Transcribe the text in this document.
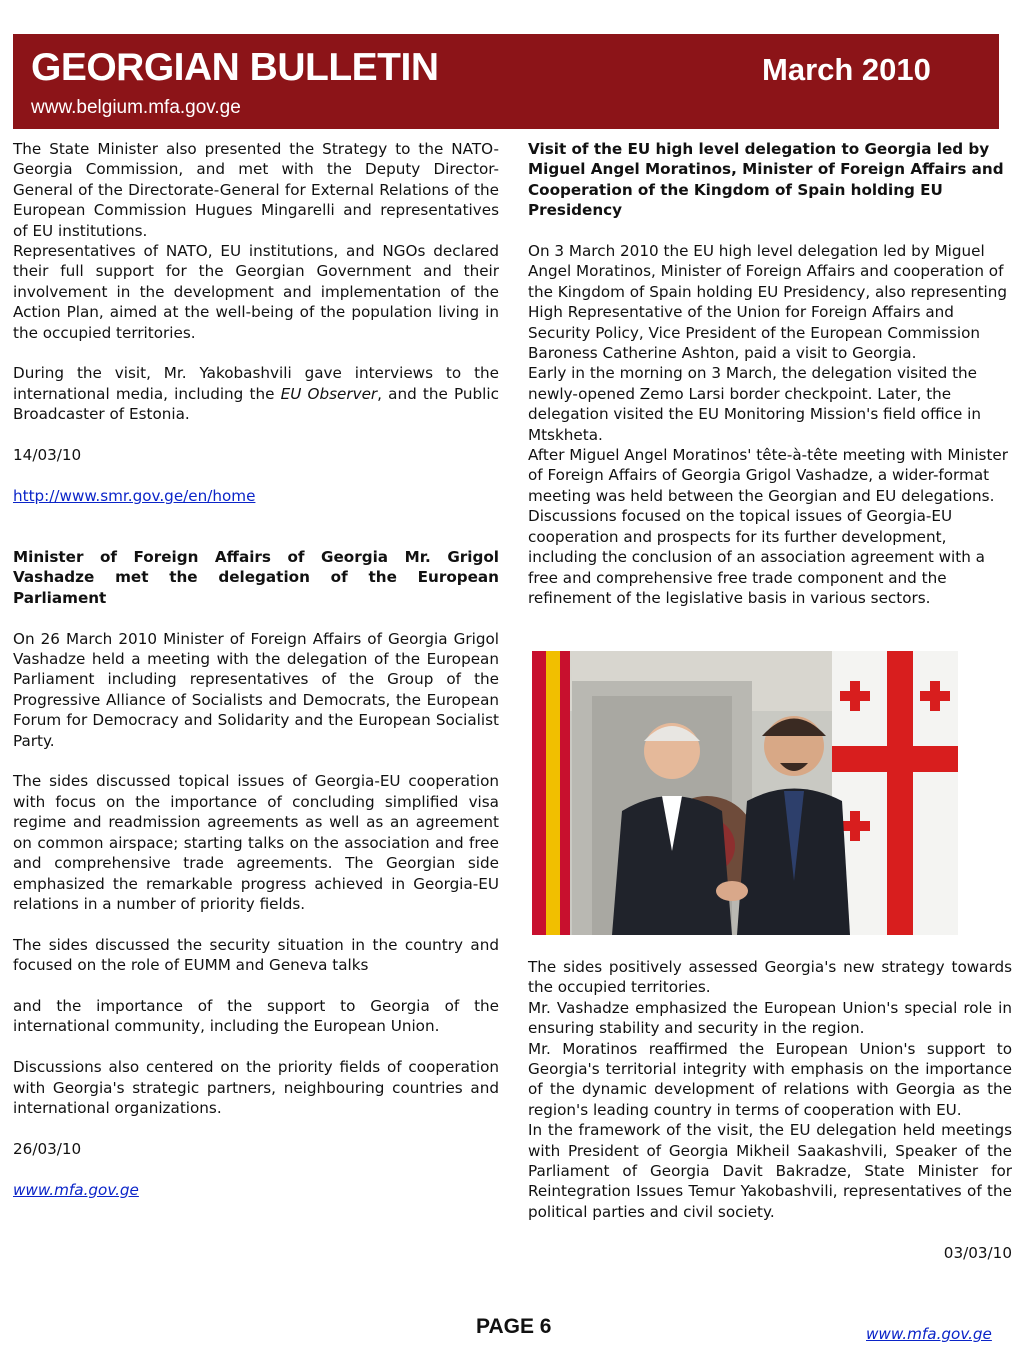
GEORGIAN BULLETIN
www.belgium.mfa.gov.ge
March 2010

The State Minister also presented the Strategy to the NATO-Georgia Commission, and met with the Deputy Director-General of the Directorate-General for External Relations of the European Commission Hugues Mingarelli and representatives of EU institutions.

Representatives of NATO, EU institutions, and NGOs declared their full support for the Georgian Government and their involvement in the development and implementation of the Action Plan, aimed at the well-being of the population living in the occupied territories.

During the visit, Mr. Yakobashvili gave interviews to the international media, including the EU Observer, and the Public Broadcaster of Estonia.

14/03/10

http://www.smr.gov.ge/en/home

Minister of Foreign Affairs of Georgia Mr. Grigol Vashadze met the delegation of the European Parliament

On 26 March 2010 Minister of Foreign Affairs of Georgia Grigol Vashadze held a meeting with the delegation of the European Parliament including representatives of the Group of the Progressive Alliance of Socialists and Democrats, the European Forum for Democracy and Solidarity and the European Socialist Party.

The sides discussed topical issues of Georgia-EU cooperation with focus on the importance of concluding simplified visa regime and readmission agreements as well as an agreement on common airspace; starting talks on the association and free and comprehensive trade agreements. The Georgian side emphasized the remarkable progress achieved in Georgia-EU relations in a number of priority fields.

The sides discussed the security situation in the country and focused on the role of EUMM and Geneva talks

and the importance of the support to Georgia of the international community, including the European Union.

Discussions also centered on the priority fields of cooperation with Georgia's strategic partners, neighbouring countries and international organizations.

26/03/10

www.mfa.gov.ge

Visit of the EU high level delegation to Georgia led by Miguel Angel Moratinos, Minister of Foreign Affairs and Cooperation of the Kingdom of Spain holding EU Presidency

On 3 March 2010 the EU high level delegation led by Miguel Angel Moratinos, Minister of Foreign Affairs and cooperation of the Kingdom of Spain holding EU Presidency, also representing High Representative of the Union for Foreign Affairs and Security Policy, Vice President of the European Commission Baroness Catherine Ashton, paid a visit to Georgia.

Early in the morning on 3 March, the delegation visited the newly-opened Zemo Larsi border checkpoint. Later, the delegation visited the EU Monitoring Mission's field office in Mtskheta.

After Miguel Angel Moratinos' tête-à-tête meeting with Minister of Foreign Affairs of Georgia Grigol Vashadze, a wider-format meeting was held between the Georgian and EU delegations. Discussions focused on the topical issues of Georgia-EU cooperation and prospects for its further development, including the conclusion of an association agreement with a free and comprehensive free trade component and the refinement of the legislative basis in various sectors.

The sides positively assessed Georgia's new strategy towards the occupied territories.

Mr. Vashadze emphasized the European Union's special role in ensuring stability and security in the region.

Mr. Moratinos reaffirmed the European Union's support to Georgia's territorial integrity with emphasis on the importance of the dynamic development of relations with Georgia as the region's leading country in terms of cooperation with EU.

In the framework of the visit, the EU delegation held meetings with President of Georgia Mikheil Saakashvili, Speaker of the Parliament of Georgia Davit Bakradze, State Minister for Reintegration Issues Temur Yakobashvili, representatives of the political parties and civil society.

03/03/10

PAGE 6	www.mfa.gov.ge
